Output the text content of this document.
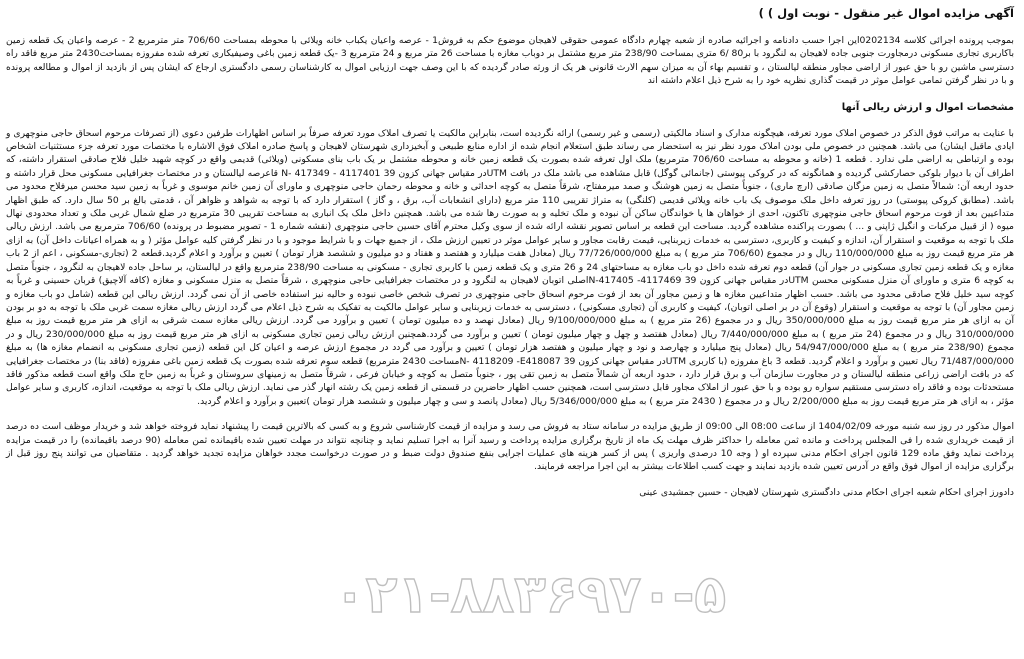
آگهی مزایده اموال غیر منقول - نوبت اول ) )

بموجب پرونده اجرائی کلاسه 0202134این اجرا حسب دادنامه و اجرائیه صادره از شعبه چهارم دادگاه عمومی حقوقی لاهیجان موضوع حکم به فروش1 - عرصه واعیان یکباب خانه ویلائی با محوطه بمساحت 706/60 متر مترمربع 2 - عرصه واعیان یک قطعه زمین باکاربری تجاری مسکونی درمجاورت جنوبی جاده لاهیجان به لنگرود با بر80 /6 متری بمساحت 238/90 متر مربع مشتمل بر دوباب مغازه با مساحت 26 متر مربع و 24 مترمربع 3 -یک قطعه زمین باغی وصیفیکاری تعرفه شده مفروزه بمساحت2430 متر مربع فاقد راه دسترسی ماشین رو با حق عبور از اراضی مجاور منطقه لیالستان ، و تقسیم بهاء آن به میزان سهم الارث قانونی هر یک از ورثه صادر گردیده که با این وصف جهت ارزیابی اموال به کارشناسان رسمی دادگستری ارجاع که ایشان پس از بازدید از اموال و مطالعه پرونده و با در نظر گرفتن تمامی عوامل موثر در قیمت گذاری نظریه خود را به شرح ذیل اعلام داشته اند

مشخصات اموال و ارزش ریالی آنها

با عنایت به مراتب فوق الذکر در خصوص املاک مورد تعرفه، هیچگونه مدارک و اسناد مالکیتی (رسمی و غیر رسمی) ارائه نگردیده است، بنابراین مالکیت یا تصرف املاک مورد تعرفه صرفاً بر اساس اظهارات طرفین دعوی (از تصرفات مرحوم اسحاق حاجی منوچهری و ایادی ماقبل ایشان) می باشد. همچنین در خصوص ملی بودن املاک مورد نظر نیز به استحضار می رساند طبق استعلام انجام شده از اداره منابع طبیعی و آبخیزداری شهرستان لاهیجان و پاسخ صادره املاک فوق الاشاره با مختصات مورد تعرفه جزء مستثنیات اشخاص بوده و ارتباطی به اراضی ملی ندارد . قطعه 1 (خانه و محوطه به مساحت 706/60 مترمربع) ملک اول تعرفه شده بصورت یک قطعه زمین خانه و محوطه مشتمل بر یک باب بنای مسکونی (ویلائی) قدیمی واقع در کوچه شهید خلیل فلاح صادقی استقرار داشته، که اطراف آن با دیوار بلوکی حصارکشی گردیده و همانگونه که در کروکی پیوستی (جانمائی گوگل) قابل مشاهده می باشد ملک در بافت UTMدر مقیاس جهانی کزون 39 N- 417349 - 4117401 قاعرصه لیالستان و در مختصات جغرافیایی مسکونی محل قرار داشته و حدود اربعه آن: شمالاً متصل به زمین مزگان صادقی (ارچ ماری) ، جنوباً متصل به زمین هوشنگ و صمد میرمفتاح، شرقاً متصل به کوچه احداثی و خانه و محوطه رحمان حاجی منوچهری و ماورای آن زمین خانم موسوی و غرباً به زمین سید محسن میرفلاح محدود می باشد. (مطابق کروکی پیوستی) در روز تعرفه داخل ملک موصوف یک باب خانه ویلائی قدیمی (کلنگی) به متراژ تقریبی 110 متر مربع (دارای انشعابات آب، برق ، و گاز ) استقرار دارد که با توجه به شواهد و ظواهر آن ، قدمتی بالغ بر 50 سال دارد. که طبق اظهار متداعیین بعد از فوت مرحوم اسحاق حاجی منوچهری تاکنون، احدی از خواهان ها یا خواندگان ساکن آن نبوده و ملک تخلیه و به صورت رها شده می باشد. همچنین داخل ملک یک انباری به مساحت تقریبی 30 مترمربع در ضلع شمال غربی ملک و تعداد محدودی نهال میوه ( از قبیل مرکبات و انگیل ژاپنی و ... ) بصورت پراکنده مشاهده گردید. مساحت این قطعه بر اساس تصویر نقشه ارائه شده از سوی وکیل محترم آقای حسین حاجی منوچهری (نقشه شماره 1 - تصویر مضبوط در پرونده) 706/60 مترمربع می باشد. ارزش ریالی ملک با توجه به موقعیت و استقرار آن، اندازه و کیفیت و کاربری، دسترسی به خدمات زیربنایی، قیمت رقابت مجاور و سایر عوامل موثر در تعیین ارزش ملک ، از جمیع جهات و با شرایط موجود و با در نظر گرفتن کلیه عوامل مؤثر ( و به همراه اعیانات داخل آن) به ازای هر متر مربع قیمت روز به مبلغ 110/000/000 ریال و در مجموع (706/60 متر مربع ) به مبلغ 77/726/000/000 ریال (معادل هفت میلیارد و هفتصد و هفتاد و دو میلیون و ششصد هزار تومان ) تعیین و برآورد و اعلام گردید.قطعه 2 (تجاری-مسکونی ، اعم از 2 باب مغازه و یک قطعه زمین تجاری مسکونی در جوار آن) قطعه دوم تعرفه شده داخل دو باب مغازه به مساحتهای 24 و 26 متری و یک قطعه زمین با کاربری تجاری - مسکونی به مساحت 238/90 مترمربع واقع در لیالستان، بر ساحل جاده لاهیجان به لنگرود ، جنوباً متصل به کوچه 6 متری و ماورای آن منزل مسکونی محسن UTMدر مقیاس جهانی کزون 39 N-417405 -4117469اصلی اتوبان لاهیجان به لنگرود و در مختصات جغرافیایی حاجی منوچهری ، شرقاً متصل به منزل مسکونی و مغازه (کافه آلاچیق) قربان حسینی و غرباً به کوچه سید خلیل فلاح صادقی محدود می باشد. حسب اظهار متداعیین مغازه ها و زمین مجاور آن بعد از فوت مرحوم اسحاق حاجی منوچهری در تصرف شخص خاصی نبوده و حالیه نیز استفاده خاصی از آن نمی گردد. ارزش ریالی این قطعه (شامل دو باب مغازه و زمین مجاور آن) با توجه به موقعیت و استقرار (وقوع آن در بر اصلی اتوبان)، کیفیت و کاربری آن (تجاری مسکونی) ، دسترسی به خدمات زیربنایی و سایر عوامل مالکیت به تفکیک به شرح ذیل اعلام می گردد ارزش ریالی مغازه سمت غربی ملک با توجه به دو بر بودن آن به ازای هر متر مربع قیمت روز به مبلغ 350/000/000 ریال و در مجموع (26 متر مربع ) به مبلغ 9/100/000/000 ریال (معادل نهصد و ده میلیون تومان ) تعیین و برآورد می گردد. ارزش ریالی مغازه سمت شرقی به ازای هر متر مربع قیمت روز به مبلغ 310/000/000 ریال و در مجموع (24 متر مربع ) به مبلغ 7/440/000/000 ریال (معادل هفتصد و چهل و چهار میلیون تومان ) تعیین و برآورد می گردد.همچنین ارزش ریالی زمین تجاری مسکونی به ازای هر متر مربع قیمت روز به مبلغ 230/000/000 ریال و در مجموع (238/90 متر مربع ) به مبلغ 54/947/000/000 ریال (معادل پنج میلیارد و چهارصد و نود و چهار میلیون و هفتصد هزار تومان ) تعیین و برآورد می گردد در مجموع ارزش عرصه و اعیان کل این قطعه (زمین تجاری مسکونی به انضمام مغازه ها) به مبلغ 71/487/000/000 ریال تعیین و برآورد و اعلام گردید. قطعه 3 باغ مفروزه (با کاربری UTMدر مقیاس جهانی کزون 39 N- 4118209 -E418087مساحت 2430 مترمربع) قطعه سوم تعرفه شده بصورت یک قطعه زمین باغی مفروزه (فاقد بنا) در مختصات جغرافیایی که در بافت اراضی زراعی منطقه لیالستان و در مجاورت سازمان آب و برق قرار دارد ، حدود اربعه آن شمالاً متصل به زمین تقی پور ، جنوباً متصل به کوچه و خیابان فرعی ، شرقاً متصل به زمینهای سروستان و غرباً به زمین حاج ملک واقع است قطعه مذکور فاقد مستحدثات بوده و فاقد راه دسترسی مستقیم سواره رو بوده و با حق عبور از املاک مجاور قابل دسترسی است، همچنین حسب اظهار حاضرین در قسمتی از قطعه زمین یک رشته انهار گذر می نماید. ارزش ریالی ملک با توجه به موقعیت، اندازه، کاربری و سایر عوامل مؤثر ، به ازای هر متر مربع قیمت روز به مبلغ 2/200/000 ریال و در مجموع ( 2430 متر مربع ) به مبلغ 5/346/000/000 ریال (معادل پانصد و سی و چهار میلیون و ششصد هزار تومان )تعیین و برآورد و اعلام گردید.

اموال مذکور در روز سه شنبه مورخه 1404/02/09 از ساعت 08:00 الی 09:00 از طریق مزایده در سامانه ستاد به فروش می رسد و مزایده از قیمت کارشناسی شروع و به کسی که بالاترین قیمت را پیشنهاد نماید فروخته خواهد شد و خریدار موظف است ده درصد از قیمت خریداری شده را فی المجلس پرداخت و مانده ثمن معامله را حداکثر ظرف مهلت یک ماه از تاریخ برگزاری مزایده پرداخت و رسید آنرا به اجرا تسلیم نماید و چنانچه نتواند در مهلت تعیین شده باقیمانده ثمن معامله (90 درصد باقیمانده) را در قیمت مزایده پرداخت نماید وفق ماده 129 قانون اجرای احکام مدنی سپرده او ( وجه 10 درصدی واریزی ) پس از کسر هزینه های عملیات اجرایی بنفع صندوق دولت ضبط و در صورت درخواست مجدد خواهان مزایده تجدید خواهد گردید . متقاضیان می توانند پنج روز قبل از برگزاری مزایده از اموال فوق واقع در آدرس تعیین شده بازدید نمایند و جهت کسب اطلاعات بیشتر به این اجرا مراجعه فرمایند.

دادورز اجرای احکام شعبه اجرای احکام مدنی دادگستری شهرستان لاهیجان - حسین جمشیدی عینی

۰۲۱-۸۸۳۶۹۷۰-۵
